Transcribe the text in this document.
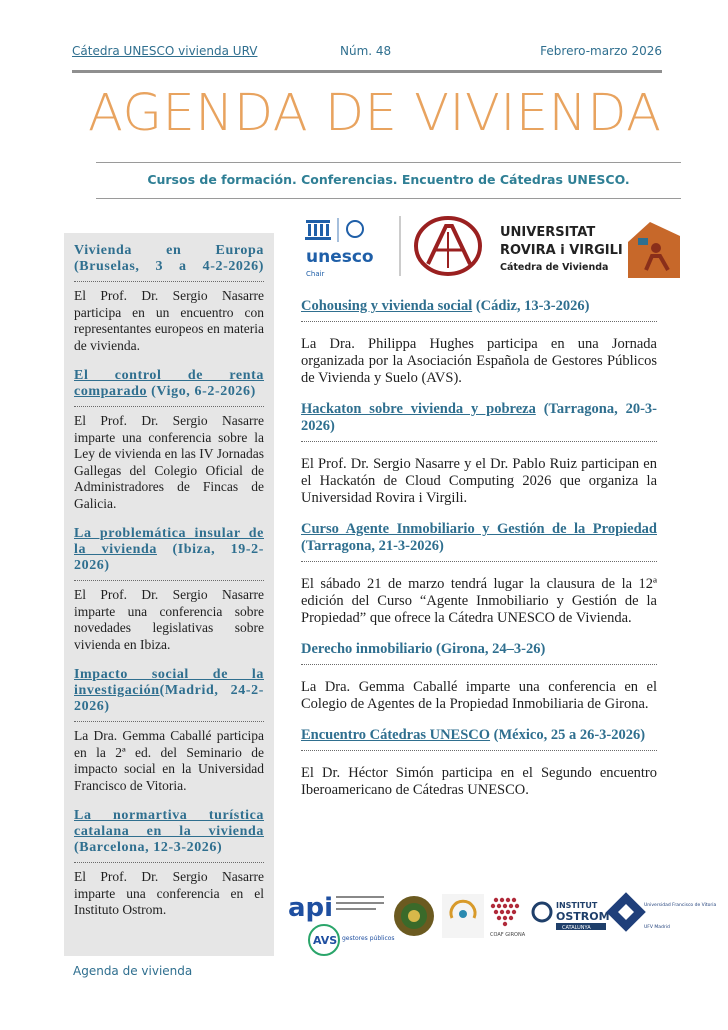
Cátedra UNESCO vivienda URV	Núm. 48	Febrero-marzo 2026
AGENDA DE VIVIENDA
Cursos de formación. Conferencias. Encuentro de Cátedras UNESCO.
unesco
Chair
UNIVERSITAT
ROVIRA i VIRGILI
Cátedra de Vivienda
Vivienda en Europa (Bruselas, 3 a 4-2-2026)
El Prof. Dr. Sergio Nasarre participa en un encuentro con representantes europeos en materia de vivienda.
El control de renta comparado (Vigo, 6-2-2026)
El Prof. Dr. Sergio Nasarre imparte una conferencia sobre la Ley de vivienda en las IV Jornadas Gallegas del Colegio Oficial de Administradores de Fincas de Galicia.
La problemática insular de la vivienda (Ibiza, 19-2-2026)
El Prof. Dr. Sergio Nasarre imparte una conferencia sobre novedades legislativas sobre vivienda en Ibiza.
Impacto social de la investigación(Madrid, 24-2-2026)
La Dra. Gemma Caballé participa en la 2ª ed. del Seminario de impacto social en la Universidad Francisco de Vitoria.
La normartiva turística catalana en la vivienda (Barcelona, 12-3-2026)
El Prof. Dr. Sergio Nasarre imparte una conferencia en el Instituto Ostrom.
Cohousing y vivienda social (Cádiz, 13-3-2026)
La Dra. Philippa Hughes participa en una Jornada organizada por la Asociación Española de Gestores Públicos de Vivienda y Suelo (AVS).
Hackaton sobre vivienda y pobreza (Tarragona, 20-3-2026)
El Prof. Dr. Sergio Nasarre y el Dr. Pablo Ruiz participan en el Hackatón de Cloud Computing 2026 que organiza la Universidad Rovira i Virgili.
Curso Agente Inmobiliario y Gestión de la Propiedad (Tarragona, 21-3-2026)
El sábado 21 de marzo tendrá lugar la clausura de la 12ª edición del Curso “Agente Inmobiliario y Gestión de la Propiedad” que ofrece la Cátedra UNESCO de Vivienda.
Derecho inmobiliario (Girona, 24–3-26)
La Dra. Gemma Caballé imparte una conferencia en el Colegio de Agentes de la Propiedad Inmobiliaria de Girona.
Encuentro Cátedras UNESCO (México, 25 a 26-3-2026)
El Dr. Héctor Simón participa en el Segundo encuentro Iberoamericano de Cátedras UNESCO.
api
AVS gestores públicos	COAF GIRONA
INSTITUT
OSTROM
CATALUNYA
Universidad Francisco de Vitoria
UFV Madrid
Agenda de vivienda
